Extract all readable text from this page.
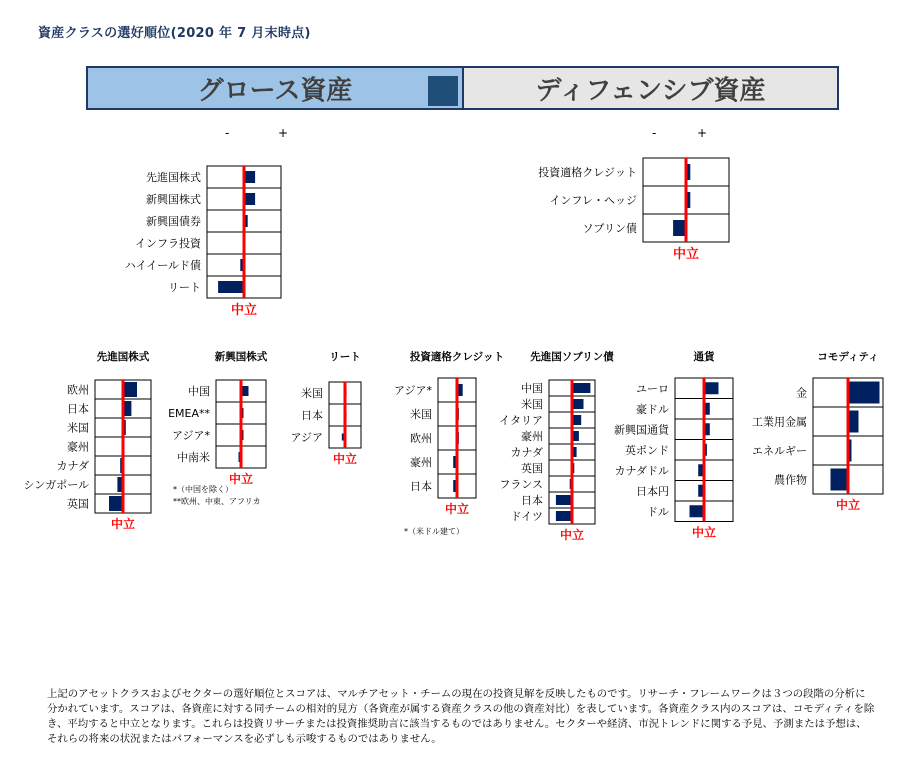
資産クラスの選好順位(2020 年 7 月末時点)
グロース資産	ディフェンシブ資産
-	+	-	+
先進国株式
新興国株式
新興国債券
インフラ投資
ハイイールド債
リート
中立
投資適格クレジット
インフレ・ヘッジ
ソブリン債
中立
先進国株式
欧州
日本
米国
豪州
カナダ
シンガポール
英国
中立
新興国株式
中国
EMEA**
アジア*
中南米
中立
リート
米国
日本
アジア
中立
投資適格クレジット
アジア*
米国
欧州
豪州
日本
中立
先進国ソブリン債
中国
米国
イタリア
豪州
カナダ
英国
フランス
日本
ドイツ
中立
通貨
ユーロ
豪ドル
新興国通貨
英ポンド
カナダドル
日本円
ドル
中立
コモディティ
金
工業用金属
エネルギー
農作物
中立
*（中国を除く）
**欧州、中東、アフリカ
*（米ドル建て）
上記のアセットクラスおよびセクターの選好順位とスコアは、マルチアセット・チームの現在の投資見解を反映したものです。リサーチ・フレームワークは３つの段階の分析に分かれています。スコアは、各資産に対する同チームの相対的見方（各資産が属する資産クラスの他の資産対比）を表しています。各資産クラス内のスコアは、コモディティを除き、平均すると中立となります。これらは投資リサーチまたは投資推奨助言に該当するものではありません。セクターや経済、市況トレンドに関する予見、予測または予想は、それらの将来の状況またはパフォーマンスを必ずしも示唆するものではありません。
